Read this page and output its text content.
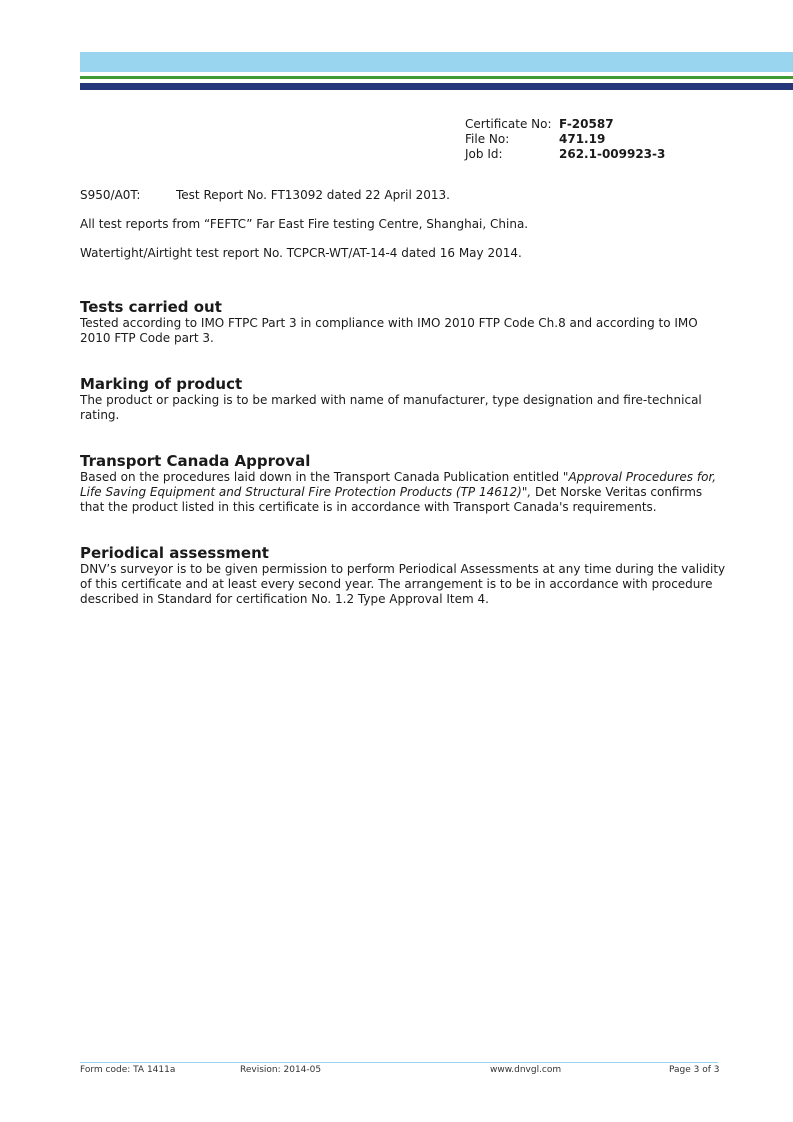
Certificate No: F-20587
File No:	471.19
Job Id:	262.1-009923-3
S950/A0T:	Test Report No. FT13092 dated 22 April 2013.

All test reports from “FEFTC” Far East Fire testing Centre, Shanghai, China.

Watertight/Airtight test report No. TCPCR-WT/AT-14-4 dated 16 May 2014.

Tests carried out

Tested according to IMO FTPC Part 3 in compliance with IMO 2010 FTP Code Ch.8 and according to IMO 2010 FTP Code part 3.

Marking of product

The product or packing is to be marked with name of manufacturer, type designation and fire-technical rating.

Transport Canada Approval

Based on the procedures laid down in the Transport Canada Publication entitled "Approval Procedures for, Life Saving Equipment and Structural Fire Protection Products (TP 14612)", Det Norske Veritas confirms that the product listed in this certificate is in accordance with Transport Canada's requirements.

Periodical assessment

DNV’s surveyor is to be given permission to perform Periodical Assessments at any time during the validity of this certificate and at least every second year. The arrangement is to be in accordance with procedure described in Standard for certification No. 1.2 Type Approval Item 4.

Form code: TA 1411a	Revision: 2014-05	www.dnvgl.com	Page 3 of 3
